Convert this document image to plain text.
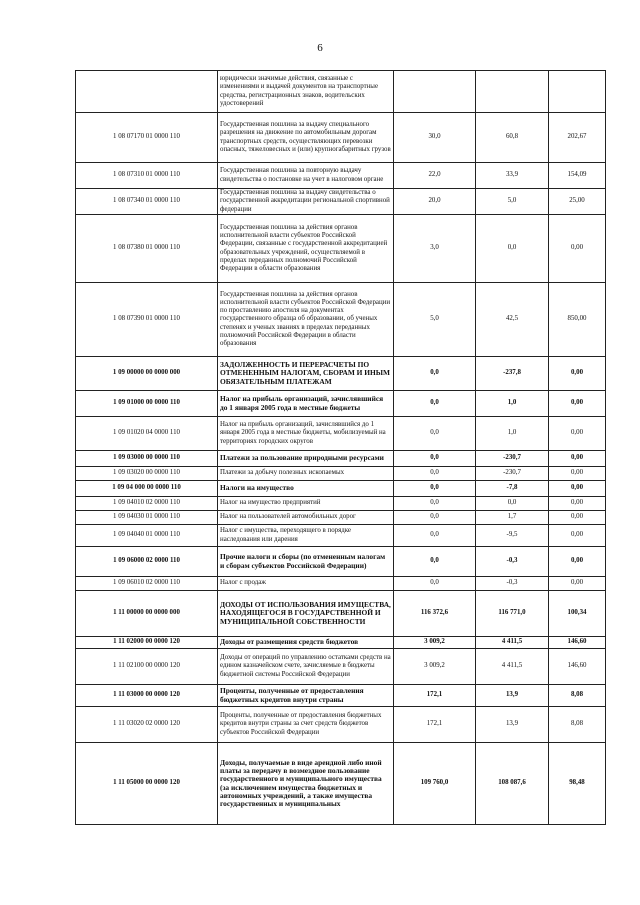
6
	юридически значимые действия, связанные с изменениями и выдачей документов на транспортные средства, регистрационных знаков, водительских удостоверений			
1 08 07170 01 0000 110	Государственная пошлина за выдачу специального разрешения на движение по автомобильным дорогам транспортных средств, осуществляющих перевозки опасных, тяжеловесных и (или) крупногабаритных грузов	30,0	60,8	202,67
1 08 07310 01 0000 110	Государственная пошлина за повторную выдачу свидетельства о постановке на учет в налоговом органе	22,0	33,9	154,09
1 08 07340 01 0000 110	Государственная пошлина за выдачу свидетельства о государственной аккредитации региональной спортивной федерации	20,0	5,0	25,00
1 08 07380 01 0000 110	Государственная пошлина за действия органов исполнительной власти субъектов Российской Федерации, связанные с государственной аккредитацией образовательных учреждений, осуществляемой в пределах переданных полномочий Российской Федерации в области образования	3,0	0,0	0,00
1 08 07390 01 0000 110	Государственная пошлина за действия органов исполнительной власти субъектов Российской Федерации по проставлению апостиля на документах государственного образца об образовании, об ученых степенях и ученых званиях в пределах переданных полномочий Российской Федерации в области образования	5,0	42,5	850,00
1 09 00000 00 0000 000	ЗАДОЛЖЕННОСТЬ И ПЕРЕРАСЧЕТЫ ПО ОТМЕНЕННЫМ НАЛОГАМ, СБОРАМ И ИНЫМ ОБЯЗАТЕЛЬНЫМ ПЛАТЕЖАМ	0,0	-237,8	0,00
1 09 01000 00 0000 110	Налог на прибыль организаций, зачислявшийся до 1 января 2005 года в местные бюджеты	0,0	1,0	0,00
1 09 01020 04 0000 110	Налог на прибыль организаций, зачислявшийся до 1 января 2005 года в местные бюджеты, мобилизуемый на территориях городских округов	0,0	1,0	0,00
1 09 03000 00 0000 110	Платежи за пользование природными ресурсами	0,0	-230,7	0,00
1 09 03020 00 0000 110	Платежи за добычу полезных ископаемых	0,0	-230,7	0,00
1 09 04 000 00 0000 110	Налоги на имущество	0,0	-7,8	0,00
1 09 04010 02 0000 110	Налог на имущество предприятий	0,0	0,0	0,00
1 09 04030 01 0000 110	Налог на пользователей автомобильных дорог	0,0	1,7	0,00
1 09 04040 01 0000 110	Налог с имущества, переходящего в порядке наследования или дарения	0,0	-9,5	0,00
1 09 06000 02 0000 110	Прочие налоги и сборы (по отмененным налогам и сборам субъектов Российской Федерации)	0,0	-0,3	0,00
1 09 06010 02 0000 110	Налог с продаж	0,0	-0,3	0,00
1 11 00000 00 0000 000	ДОХОДЫ ОТ ИСПОЛЬЗОВАНИЯ ИМУЩЕСТВА, НАХОДЯЩЕГОСЯ В ГОСУДАРСТВЕННОЙ И МУНИЦИПАЛЬНОЙ СОБСТВЕННОСТИ	116 372,6	116 771,0	100,34
1 11 02000 00 0000 120	Доходы от размещения средств бюджетов	3 009,2	4 411,5	146,60
1 11 02100 00 0000 120	Доходы от операций по управлению остатками средств на едином казначейском счете, зачисляемые в бюджеты бюджетной системы Российской Федерации	3 009,2	4 411,5	146,60
1 11 03000 00 0000 120	Проценты, полученные от предоставления бюджетных кредитов внутри страны	172,1	13,9	8,08
1 11 03020 02 0000 120	Проценты, полученные от предоставления бюджетных кредитов внутри страны за счет средств бюджетов субъектов Российской Федерации	172,1	13,9	8,08
1 11 05000 00 0000 120	Доходы, получаемые в виде арендной либо иной платы за передачу в возмездное пользование государственного и муниципального имущества (за исключением имущества бюджетных и автономных учреждений, а также имущества государственных и муниципальных	109 760,0	108 087,6	98,48
